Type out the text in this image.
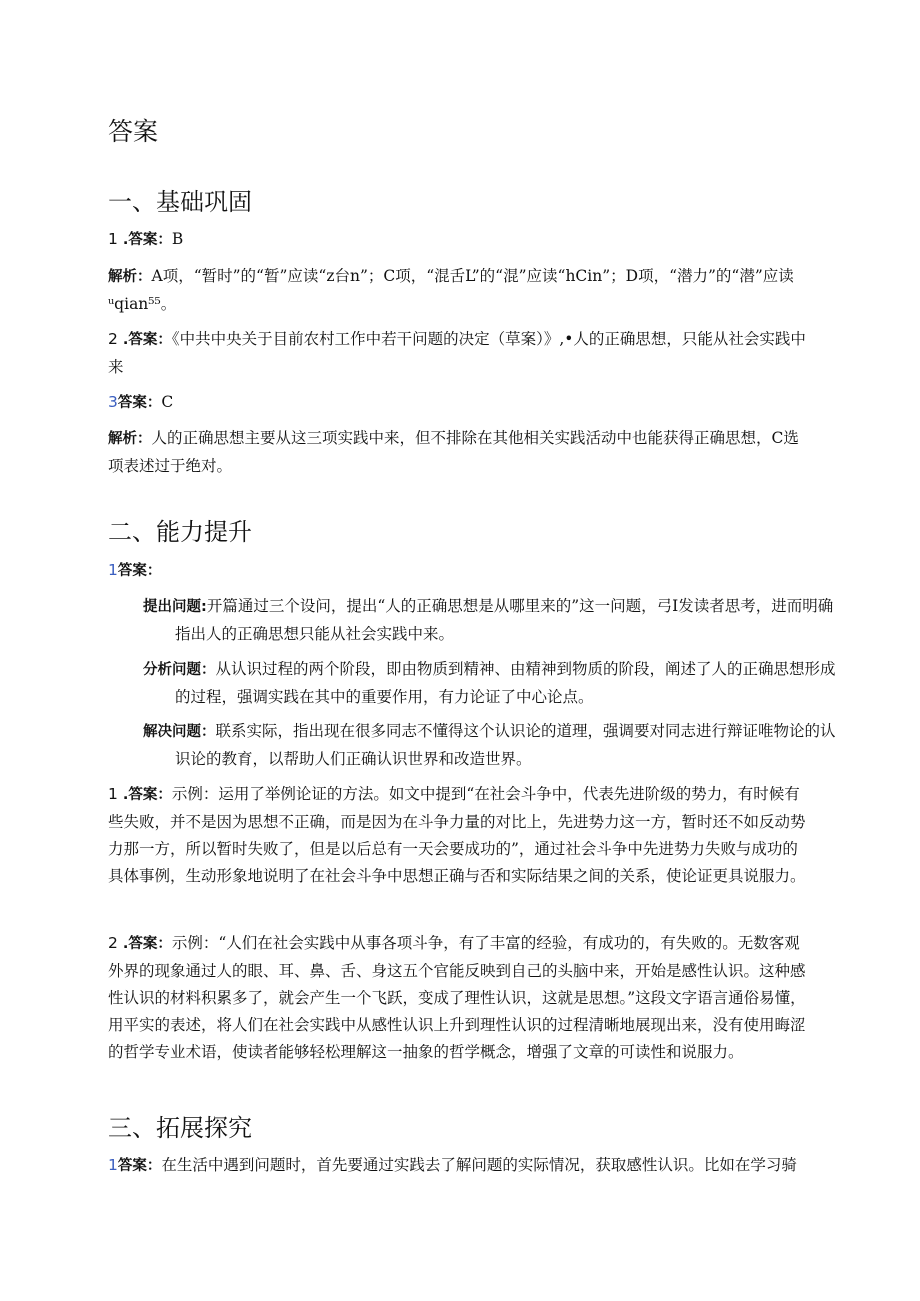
答案
一、基础巩固

1 .答案：B

解析：A项，“暂时”的“暂”应读“z台n”；C项，“混舌L”的“混”应读“hCin”；D项，“潜力”的“潜”应读ᵘqian⁵⁵。

2 .答案：《中共中央关于目前农村工作中若干问题的决定（草案）》,•人的正确思想，只能从社会实践中来

3答案：C

解析：人的正确思想主要从这三项实践中来，但不排除在其他相关实践活动中也能获得正确思想，C选项表述过于绝对。

二、能力提升

1答案：

提出问题:开篇通过三个设问，提出“人的正确思想是从哪里来的”这一问题，弓I发读者思考，进而明确指出人的正确思想只能从社会实践中来。

分析问题：从认识过程的两个阶段，即由物质到精神、由精神到物质的阶段，阐述了人的正确思想形成的过程，强调实践在其中的重要作用，有力论证了中心论点。

解决问题：联系实际，指出现在很多同志不懂得这个认识论的道理，强调要对同志进行辩证唯物论的认识论的教育，以帮助人们正确认识世界和改造世界。

1 .答案：示例：运用了举例论证的方法。如文中提到“在社会斗争中，代表先进阶级的势力，有时候有些失败，并不是因为思想不正确，而是因为在斗争力量的对比上，先进势力这一方，暂时还不如反动势力那一方，所以暂时失败了，但是以后总有一天会要成功的”，通过社会斗争中先进势力失败与成功的具体事例，生动形象地说明了在社会斗争中思想正确与否和实际结果之间的关系，使论证更具说服力。

2 .答案：示例：“人们在社会实践中从事各项斗争，有了丰富的经验，有成功的，有失败的。无数客观外界的现象通过人的眼、耳、鼻、舌、身这五个官能反映到自己的头脑中来，开始是感性认识。这种感性认识的材料积累多了，就会产生一个飞跃，变成了理性认识，这就是思想。”这段文字语言通俗易懂，用平实的表述，将人们在社会实践中从感性认识上升到理性认识的过程清晰地展现出来，没有使用晦涩的哲学专业术语，使读者能够轻松理解这一抽象的哲学概念，增强了文章的可读性和说服力。

三、拓展探究

1答案：在生活中遇到问题时，首先要通过实践去了解问题的实际情况，获取感性认识。比如在学习骑
